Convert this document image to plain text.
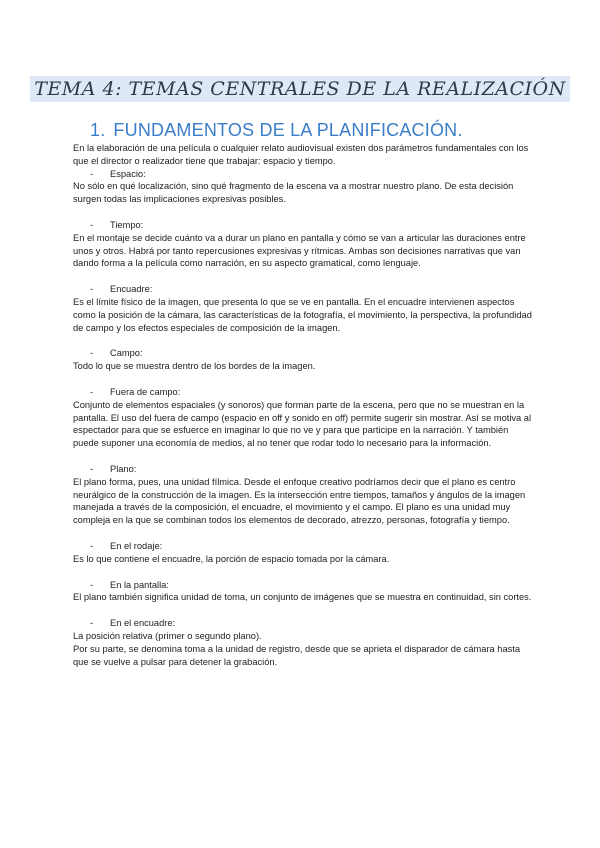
TEMA 4: TEMAS CENTRALES DE LA REALIZACIÓN
1. FUNDAMENTOS DE LA PLANIFICACIÓN.

En la elaboración de una película o cualquier relato audiovisual existen dos parámetros fundamentales con los que el director o realizador tiene que trabajar: espacio y tiempo.

- Espacio:

No sólo en qué localización, sino qué fragmento de la escena va a mostrar nuestro plano. De esta decisión surgen todas las implicaciones expresivas posibles.

- Tiempo:

En el montaje se decide cuánto va a durar un plano en pantalla y cómo se van a articular las duraciones entre unos y otros. Habrá por tanto repercusiones expresivas y rítmicas. Ambas son decisiones narrativas que van dando forma a la película como narración, en su aspecto gramatical, como lenguaje.

- Encuadre:

Es el límite físico de la imagen, que presenta lo que se ve en pantalla. En el encuadre intervienen aspectos como la posición de la cámara, las características de la fotografía, el movimiento, la perspectiva, la profundidad de campo y los efectos especiales de composición de la imagen.

- Campo:

Todo lo que se muestra dentro de los bordes de la imagen.

- Fuera de campo:

Conjunto de elementos espaciales (y sonoros) que forman parte de la escena, pero que no se muestran en la pantalla. El uso del fuera de campo (espacio en off y sonido en off) permite sugerir sin mostrar. Así se motiva al espectador para que se esfuerce en imaginar lo que no ve y para que participe en la narración. Y también puede suponer una economía de medios, al no tener que rodar todo lo necesario para la información.

- Plano:

El plano forma, pues, una unidad fílmica. Desde el enfoque creativo podríamos decir que el plano es centro neurálgico de la construcción de la imagen. Es la intersección entre tiempos, tamaños y ángulos de la imagen manejada a través de la composición, el encuadre, el movimiento y el campo. El plano es una unidad muy compleja en la que se combinan todos los elementos de decorado, atrezzo, personas, fotografía y tiempo.

- En el rodaje:

Es lo que contiene el encuadre, la porción de espacio tomada por la cámara.

- En la pantalla:

El plano también significa unidad de toma, un conjunto de imágenes que se muestra en continuidad, sin cortes.

- En el encuadre:

La posición relativa (primer o segundo plano).

Por su parte, se denomina toma a la unidad de registro, desde que se aprieta el disparador de cámara hasta que se vuelve a pulsar para detener la grabación.
